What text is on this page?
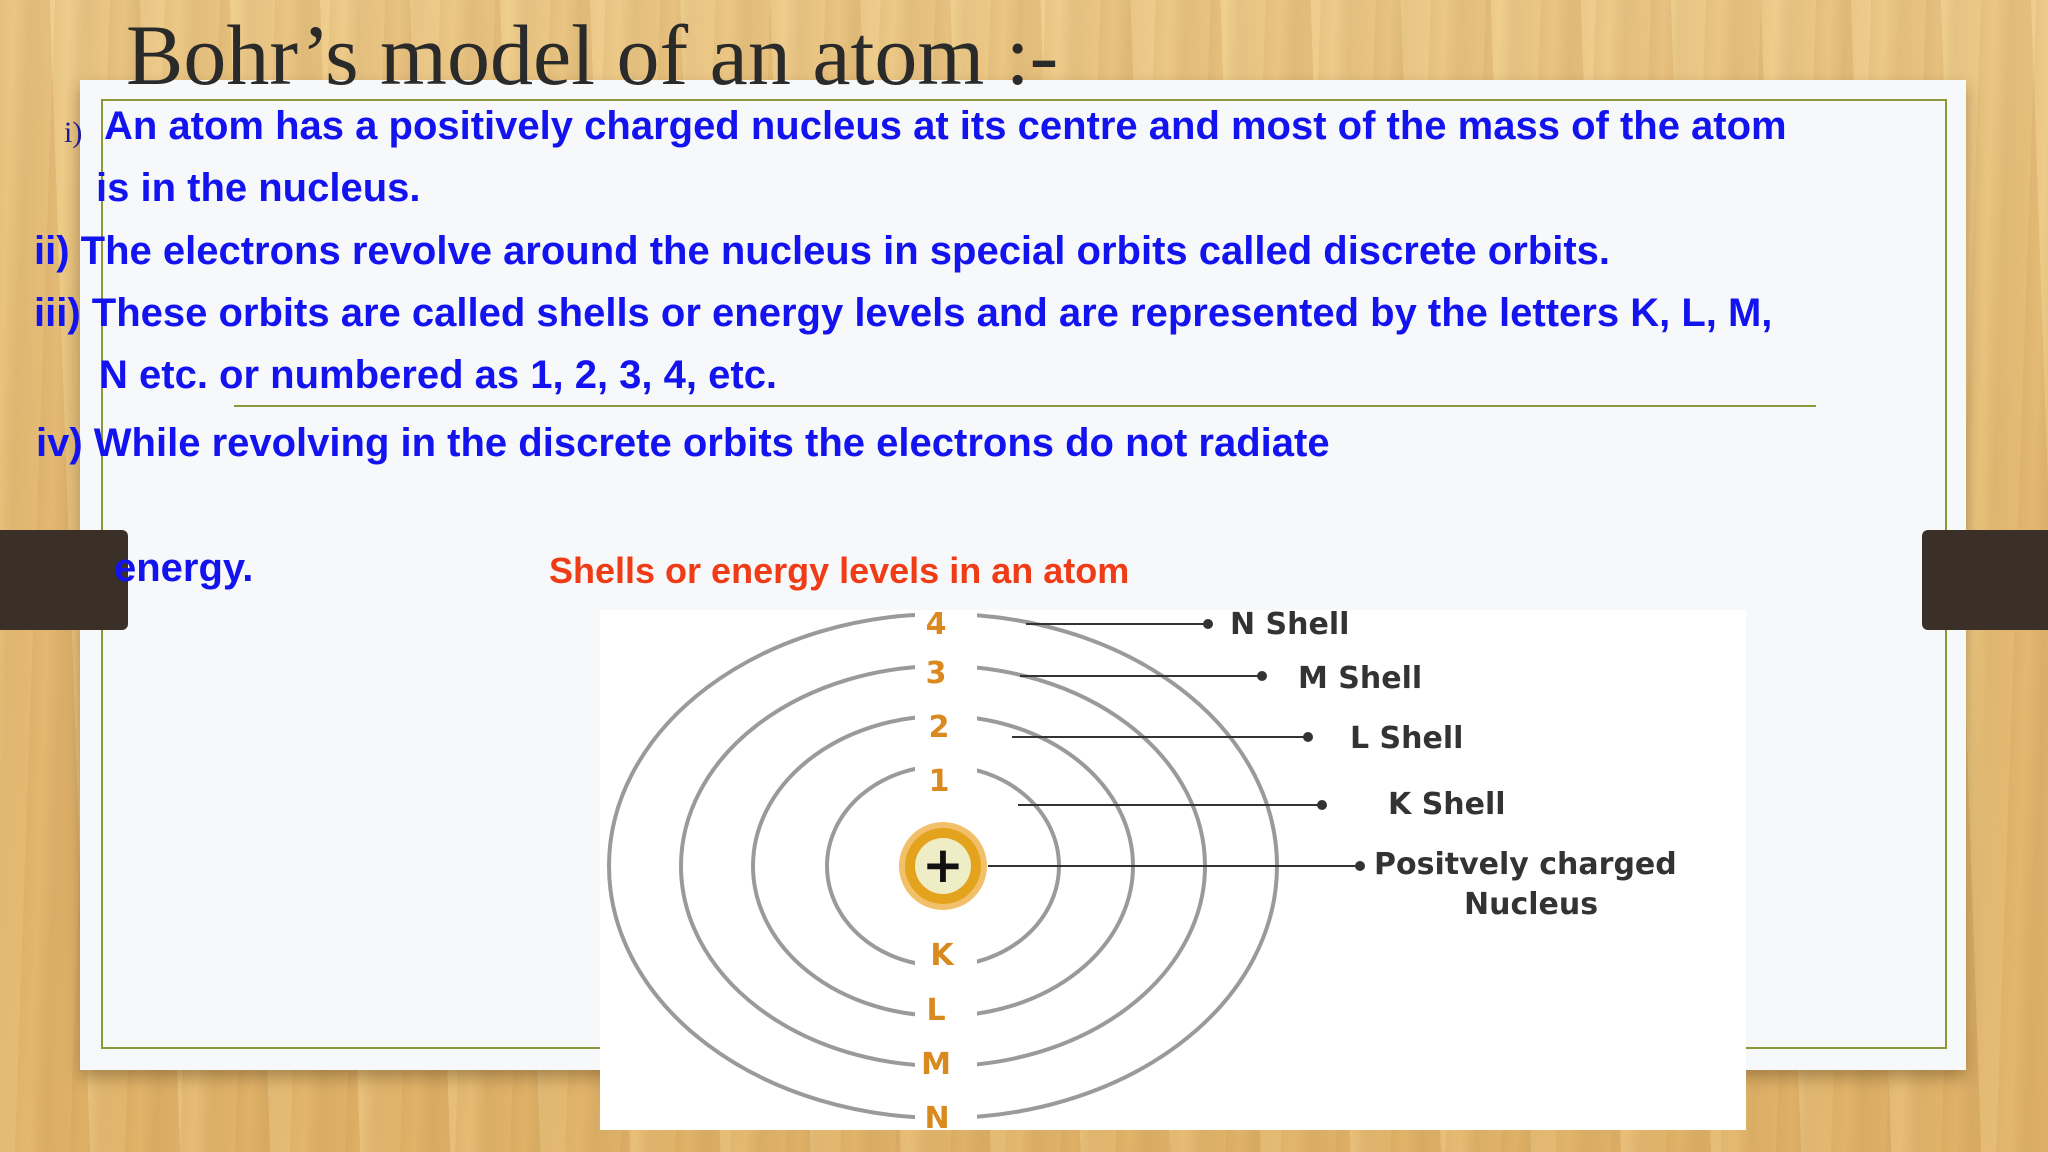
Bohr’s model of an atom :-
i) An atom has a positively charged nucleus at its centre and most of the mass of the atom
is in the nucleus.
ii) The electrons revolve around the nucleus in special orbits called discrete orbits.
iii) These orbits are called shells or energy levels and are represented by the letters K, L, M,
N etc. or numbered as 1, 2, 3, 4, etc.
iv) While revolving in the discrete orbits the electrons do not radiate
energy.	Shells or energy levels in an atom
4
3
2
1
K
L
M
N
+
N Shell
M Shell
L Shell
K Shell
Positvely charged
Nucleus
